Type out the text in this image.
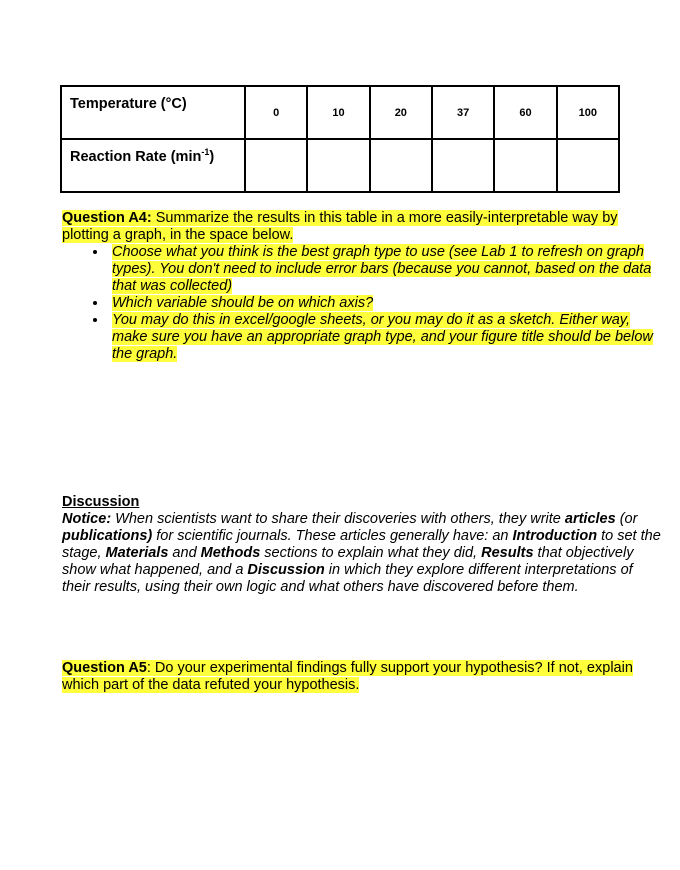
Temperature (°C)	0	10	20	37	60	100
Reaction Rate $(\min^{-1})$						
Question A4: Summarize the results in this table in a more easily-interpretable way by plotting a graph, in the space below.
• Choose what you think is the best graph type to use (see Lab 1 to refresh on graph types). You don't need to include error bars (because you cannot, based on the data that was collected)
• Which variable should be on which axis?
• You may do this in excel/google sheets, or you may do it as a sketch. Either way, make sure you have an appropriate graph type, and your figure title should be below the graph.
Discussion
Notice: When scientists want to share their discoveries with others, they write articles (or publications) for scientific journals. These articles generally have: an Introduction to set the stage, Materials and Methods sections to explain what they did, Results that objectively show what happened, and a Discussion in which they explore different interpretations of their results, using their own logic and what others have discovered before them.
Question A5: Do your experimental findings fully support your hypothesis? If not, explain which part of the data refuted your hypothesis.
